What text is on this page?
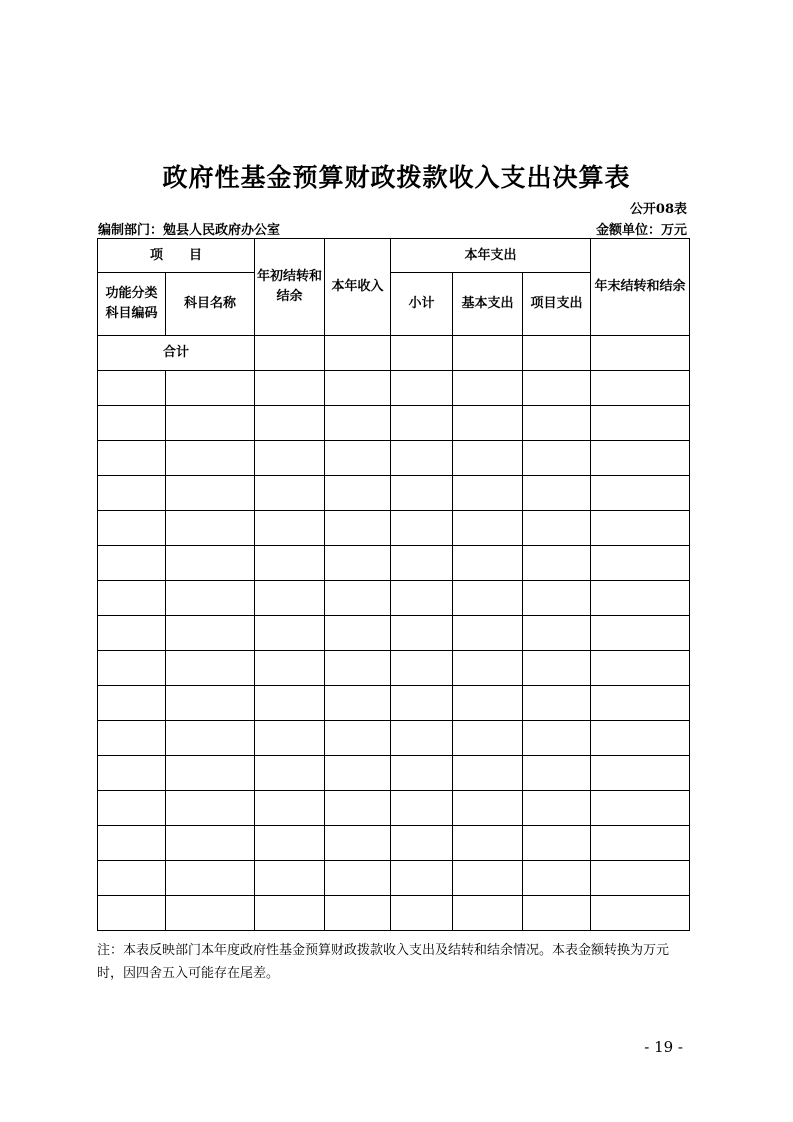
政府性基金预算财政拨款收入支出决算表
公开08表
编制部门：勉县人民政府办公室	金额单位：万元
项　　目		年初结转和结余	本年收入	本年支出			年末结转和结余
功能分类科目编码	科目名称			小计	基本支出	项目支出	
合计							

注：本表反映部门本年度政府性基金预算财政拨款收入支出及结转和结余情况。本表金额转换为万元时，因四舍五入可能存在尾差。
- 19 -
